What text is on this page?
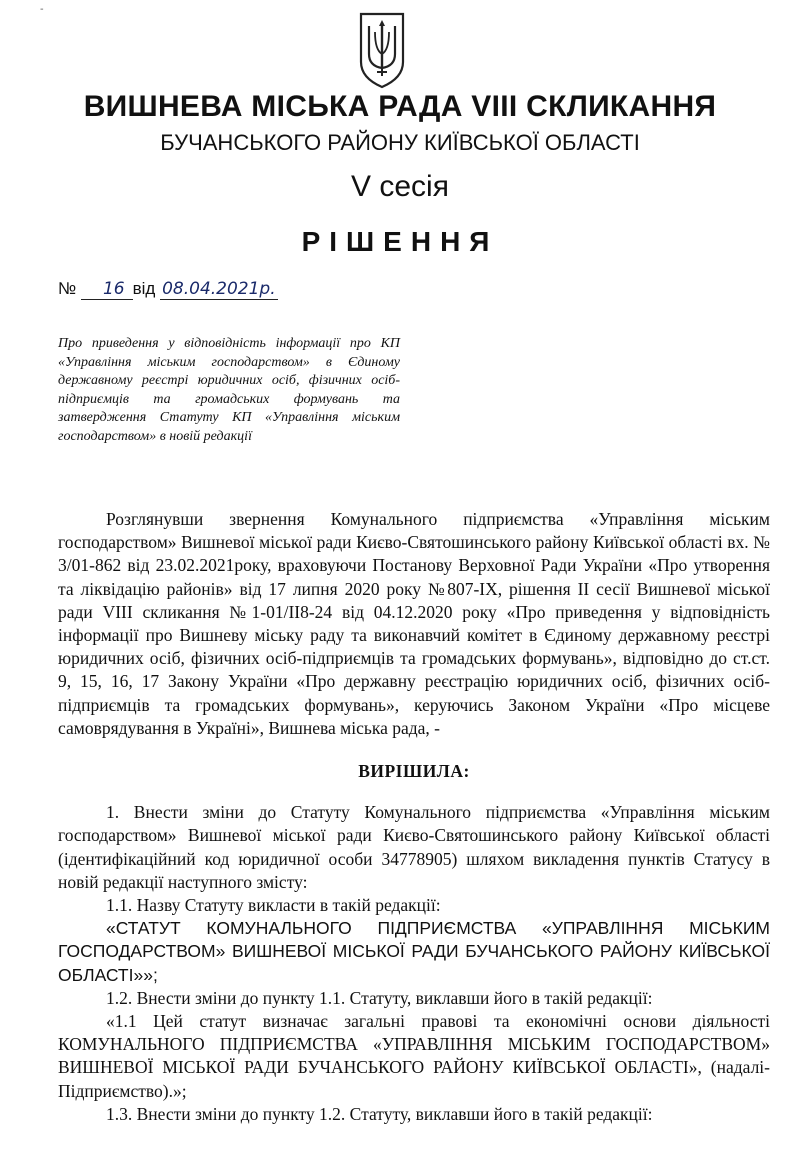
-
ВИШНЕВА МІСЬКА РАДА VIII СКЛИКАННЯ
БУЧАНСЬКОГО РАЙОНУ КИЇВСЬКОЇ ОБЛАСТІ
V сесія
РІШЕННЯ
№ 16 від 08.04.2021р.
Про приведення у відповідність інформації про КП «Управління міським господарством» в Єдиному державному реєстрі юридичних осіб, фізичних осіб-підприємців та громадських формувань та затвердження Статуту КП «Управління міським господарством» в новій редакції

Розглянувши звернення Комунального підприємства «Управління міським господарством» Вишневої міської ради Києво-Святошинського району Київської області вх. № 3/01-862 від 23.02.2021року, враховуючи Постанову Верховної Ради України «Про утворення та ліквідацію районів» від 17 липня 2020 року №807-IX, рішення II сесії Вишневої міської ради VIII скликання №1-01/II8-24 від 04.12.2020 року «Про приведення у відповідність інформації про Вишневу міську раду та виконавчий комітет в Єдиному державному реєстрі юридичних осіб, фізичних осіб-підприємців та громадських формувань», відповідно до ст.ст. 9, 15, 16, 17 Закону України «Про державну реєстрацію юридичних осіб, фізичних осіб-підприємців та громадських формувань», керуючись Законом України «Про місцеве самоврядування в Україні», Вишнева міська рада, -

ВИРІШИЛА:

1. Внести зміни до Статуту Комунального підприємства «Управління міським господарством» Вишневої міської ради Києво-Святошинського району Київської області (ідентифікаційний код юридичної особи 34778905) шляхом викладення пунктів Статусу в новій редакції наступного змісту:

1.1. Назву Статуту викласти в такій редакції:

«СТАТУТ КОМУНАЛЬНОГО ПІДПРИЄМСТВА «УПРАВЛІННЯ МІСЬКИМ ГОСПОДАРСТВОМ» ВИШНЕВОЇ МІСЬКОЇ РАДИ БУЧАНСЬКОГО РАЙОНУ КИЇВСЬКОЇ ОБЛАСТІ»»;

1.2. Внести зміни до пункту 1.1. Статуту, виклавши його в такій редакції:

«1.1 Цей статут визначає загальні правові та економічні основи діяльності КОМУНАЛЬНОГО ПІДПРИЄМСТВА «УПРАВЛІННЯ МІСЬКИМ ГОСПОДАРСТВОМ» ВИШНЕВОЇ МІСЬКОЇ РАДИ БУЧАНСЬКОГО РАЙОНУ КИЇВСЬКОЇ ОБЛАСТІ», (надалі- Підприємство).»;

1.3. Внести зміни до пункту 1.2. Статуту, виклавши його в такій редакції:
